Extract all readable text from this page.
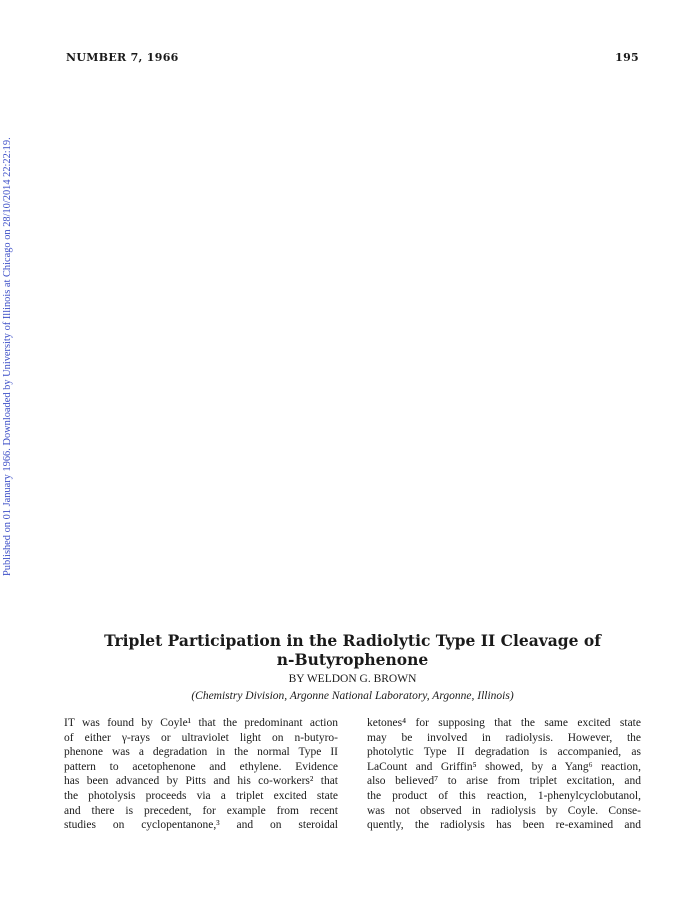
NUMBER 7, 1966	195
Published on 01 January 1966. Downloaded by University of Illinois at Chicago on 28/10/2014 22:22:19.
Triplet Participation in the Radiolytic Type II Cleavage of
n-Butyrophenone
BY WELDON G. BROWN
(Chemistry Division, Argonne National Laboratory, Argonne, Illinois)
IT was found by Coyle¹ that the predominant action
of either γ-rays or ultraviolet light on n-butyro-
phenone was a degradation in the normal Type II
pattern to acetophenone and ethylene. Evidence
has been advanced by Pitts and his co-workers² that
the photolysis proceeds via a triplet excited state
and there is precedent, for example from recent
studies on cyclopentanone,³ and on steroidal
ketones⁴ for supposing that the same excited state
may be involved in radiolysis. However, the
photolytic Type II degradation is accompanied, as
LaCount and Griffin⁵ showed, by a Yang⁶ reaction,
also believed⁷ to arise from triplet excitation, and
the product of this reaction, 1-phenylcyclobutanol,
was not observed in radiolysis by Coyle. Conse-
quently, the radiolysis has been re-examined and
